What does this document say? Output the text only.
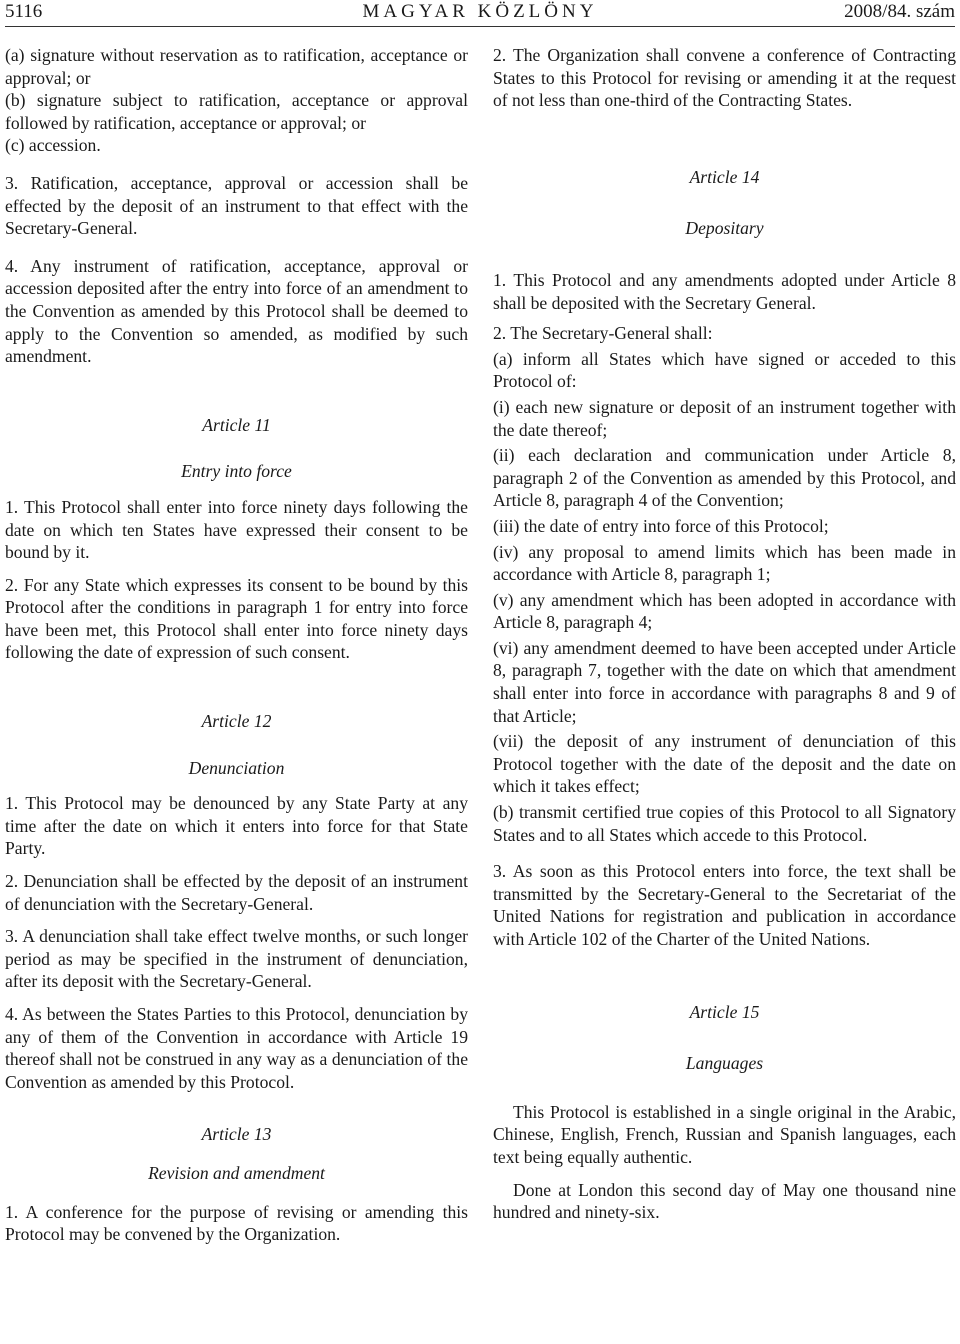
5116	MAGYAR KÖZLÖNY	2008/84. szám

(a) signature without reservation as to ratification, acceptance or approval; or

(b) signature subject to ratification, acceptance or approval followed by ratification, acceptance or approval; or

(c) accession.

3. Ratification, acceptance, approval or accession shall be effected by the deposit of an instrument to that effect with the Secretary-General.

4. Any instrument of ratification, acceptance, approval or accession deposited after the entry into force of an amendment to the Convention as amended by this Protocol shall be deemed to apply to the Convention so amended, as modified by such amendment.

Article 11

Entry into force

1. This Protocol shall enter into force ninety days following the date on which ten States have expressed their consent to be bound by it.

2. For any State which expresses its consent to be bound by this Protocol after the conditions in paragraph 1 for entry into force have been met, this Protocol shall enter into force ninety days following the date of expression of such consent.

Article 12

Denunciation

1. This Protocol may be denounced by any State Party at any time after the date on which it enters into force for that State Party.

2. Denunciation shall be effected by the deposit of an instrument of denunciation with the Secretary-General.

3. A denunciation shall take effect twelve months, or such longer period as may be specified in the instrument of denunciation, after its deposit with the Secretary-General.

4. As between the States Parties to this Protocol, denunciation by any of them of the Convention in accordance with Article 19 thereof shall not be construed in any way as a denunciation of the Convention as amended by this Protocol.

Article 13

Revision and amendment

1. A conference for the purpose of revising or amending this Protocol may be convened by the Organization.

2. The Organization shall convene a conference of Contracting States to this Protocol for revising or amending it at the request of not less than one-third of the Contracting States.

Article 14

Depositary

1. This Protocol and any amendments adopted under Article 8 shall be deposited with the Secretary General.

2. The Secretary-General shall:

(a) inform all States which have signed or acceded to this Protocol of:

(i) each new signature or deposit of an instrument together with the date thereof;

(ii) each declaration and communication under Article 8, paragraph 2 of the Convention as amended by this Protocol, and Article 8, paragraph 4 of the Convention;

(iii) the date of entry into force of this Protocol;

(iv) any proposal to amend limits which has been made in accordance with Article 8, paragraph 1;

(v) any amendment which has been adopted in accordance with Article 8, paragraph 4;

(vi) any amendment deemed to have been accepted under Article 8, paragraph 7, together with the date on which that amendment shall enter into force in accordance with paragraphs 8 and 9 of that Article;

(vii) the deposit of any instrument of denunciation of this Protocol together with the date of the deposit and the date on which it takes effect;

(b) transmit certified true copies of this Protocol to all Signatory States and to all States which accede to this Protocol.

3. As soon as this Protocol enters into force, the text shall be transmitted by the Secretary-General to the Secretariat of the United Nations for registration and publication in accordance with Article 102 of the Charter of the United Nations.

Article 15

Languages

This Protocol is established in a single original in the Arabic, Chinese, English, French, Russian and Spanish languages, each text being equally authentic.

Done at London this second day of May one thousand nine hundred and ninety-six.
